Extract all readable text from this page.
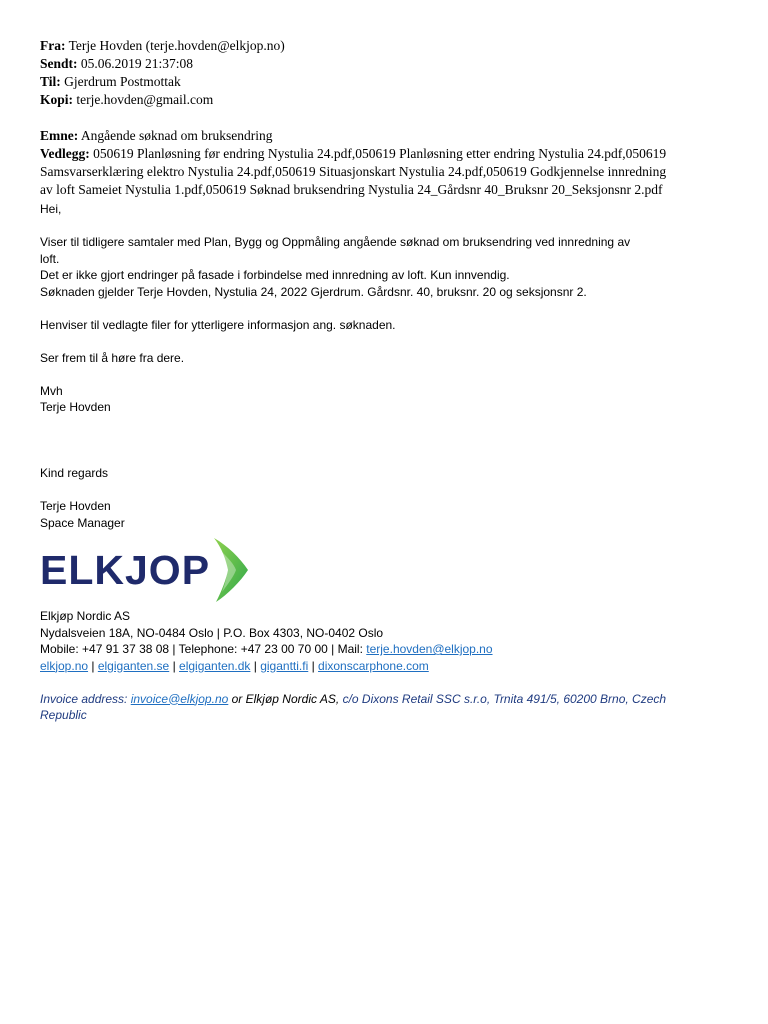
Fra: Terje Hovden (terje.hovden@elkjop.no)
Sendt: 05.06.2019 21:37:08
Til: Gjerdrum Postmottak
Kopi: terje.hovden@gmail.com
Emne: Angående søknad om bruksendring
Vedlegg: 050619 Planløsning før endring Nystulia 24.pdf,050619 Planløsning etter endring Nystulia 24.pdf,050619
Samsvarserklæring elektro Nystulia 24.pdf,050619 Situasjonskart Nystulia 24.pdf,050619 Godkjennelse innredning
av loft Sameiet Nystulia 1.pdf,050619 Søknad bruksendring Nystulia 24_Gårdsnr 40_Bruksnr 20_Seksjonsnr 2.pdf

Hei,

Viser til tidligere samtaler med Plan, Bygg og Oppmåling angående søknad om bruksendring ved innredning av

loft.

Det er ikke gjort endringer på fasade i forbindelse med innredning av loft. Kun innvendig.

Søknaden gjelder Terje Hovden, Nystulia 24, 2022 Gjerdrum. Gårdsnr. 40, bruksnr. 20 og seksjonsnr 2.

Henviser til vedlagte filer for ytterligere informasjon ang. søknaden.

Ser frem til å høre fra dere.

Mvh

Terje Hovden

Kind regards

Terje Hovden

Space Manager

ELKJOP

Elkjøp Nordic AS

Nydalsveien 18A, NO-0484 Oslo | P.O. Box 4303, NO-0402 Oslo

Mobile: +47 91 37 38 08 | Telephone: +47 23 00 70 00 | Mail: terje.hovden@elkjop.no

elkjop.no | elgiganten.se | elgiganten.dk | gigantti.fi | dixonscarphone.com

Invoice address: invoice@elkjop.no or Elkjøp Nordic AS, c/o Dixons Retail SSC s.r.o, Trnita 491/5, 60200 Brno, Czech

Republic
